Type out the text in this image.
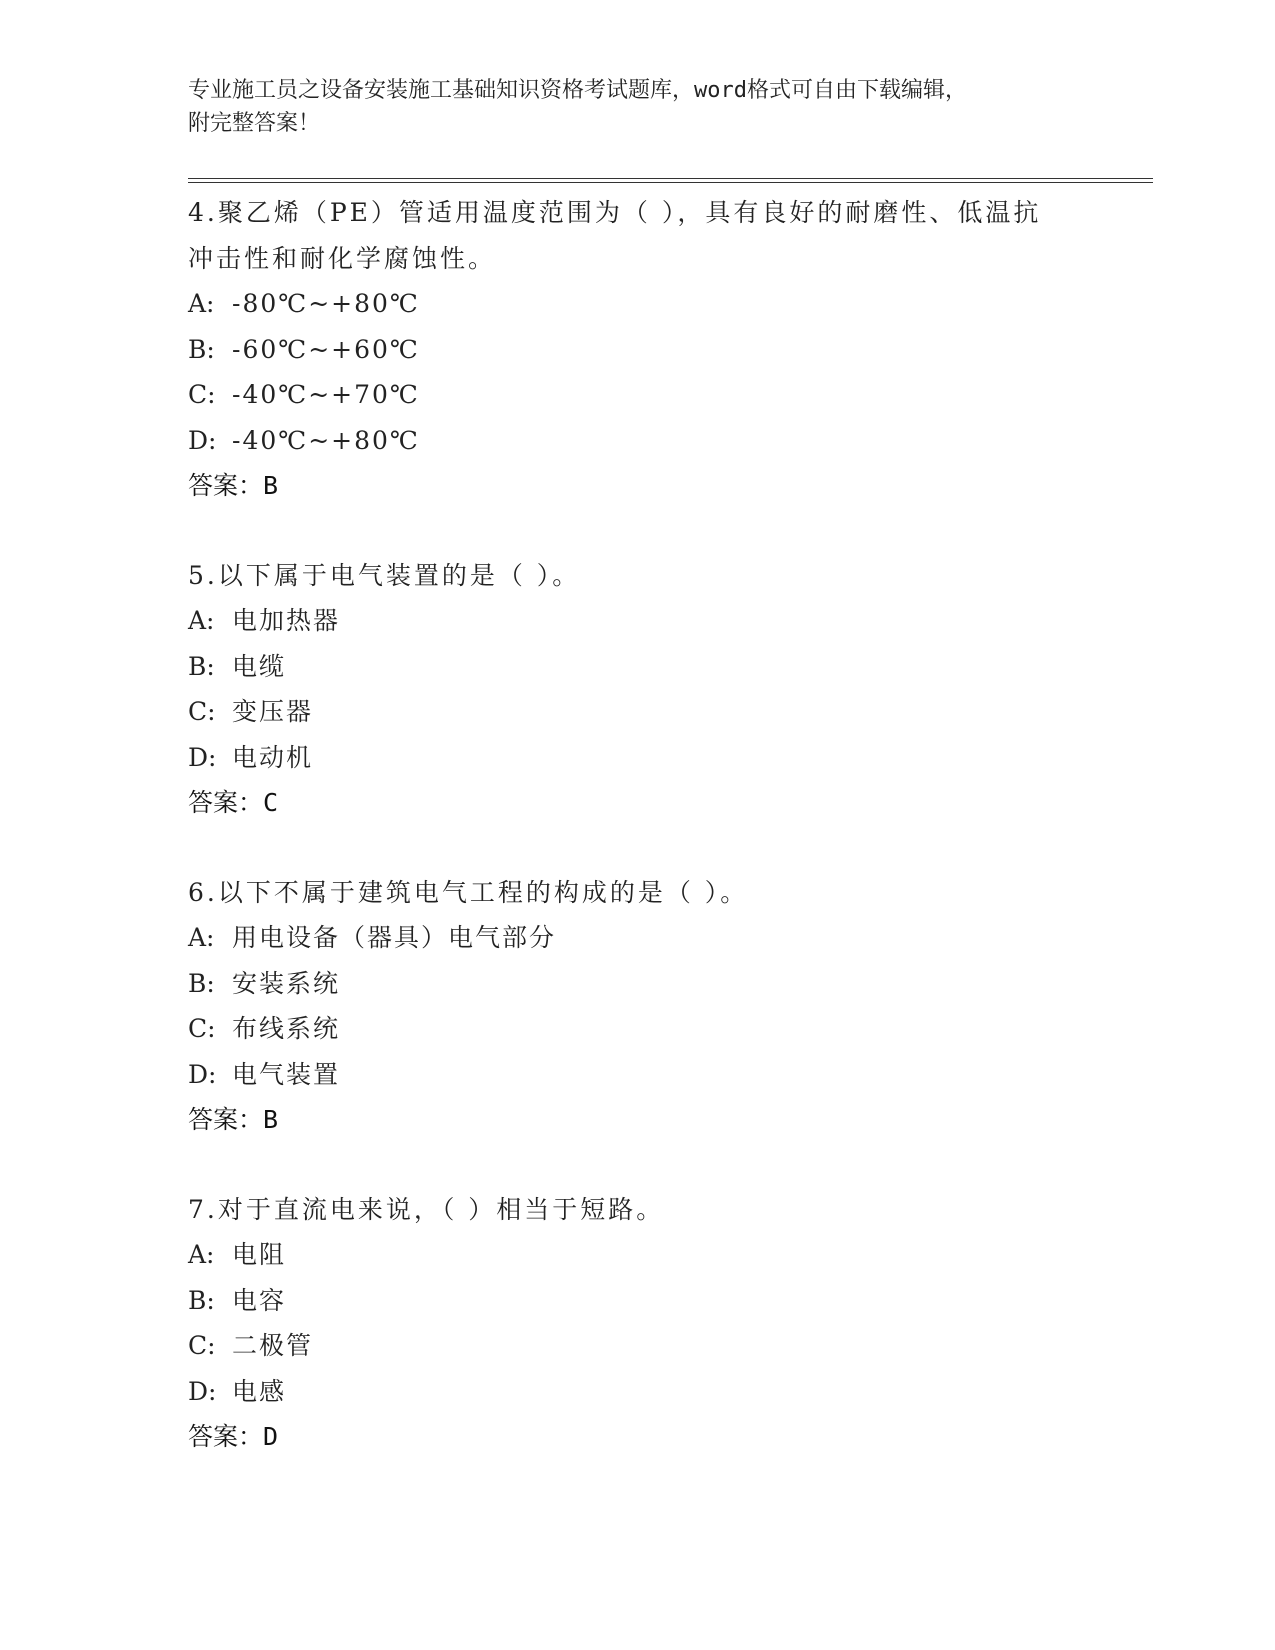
专业施工员之设备安装施工基础知识资格考试题库，word格式可自由下载编辑，
附完整答案！
4.聚乙烯（PE）管适用温度范围为（ ），具有良好的耐磨性、低温抗
冲击性和耐化学腐蚀性。
A: -80℃~+80℃
B: -60℃~+60℃
C: -40℃~+70℃
D: -40℃~+80℃
答案：B
5.以下属于电气装置的是（ ）。
A: 电加热器
B: 电缆
C: 变压器
D: 电动机
答案：C
6.以下不属于建筑电气工程的构成的是（ ）。
A: 用电设备（器具）电气部分
B: 安装系统
C: 布线系统
D: 电气装置
答案：B
7.对于直流电来说，（ ）相当于短路。
A: 电阻
B: 电容
C: 二极管
D: 电感
答案：D
